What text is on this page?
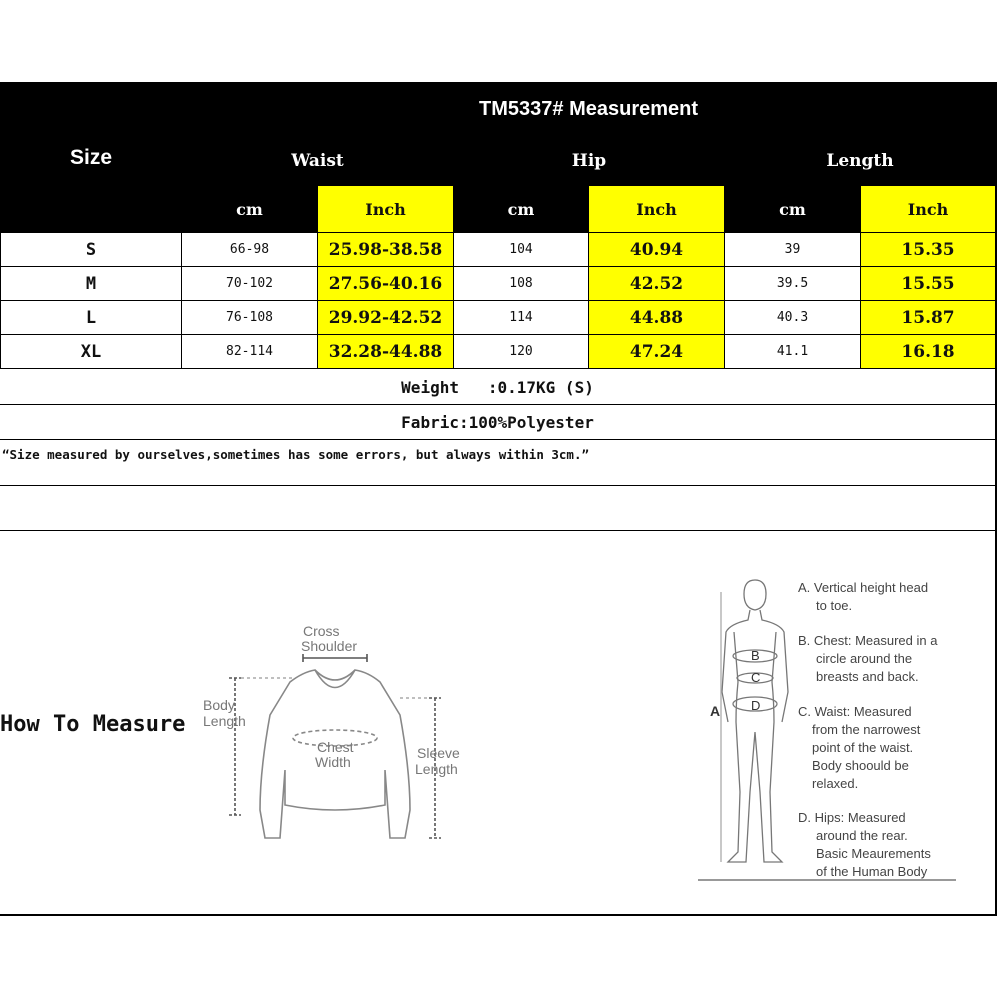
Size	TM5337# Measurement					
	Waist		Hip		Length	
	cm	Inch	cm	Inch	cm	Inch
S	66-98	25.98-38.58	104	40.94	39	15.35
M	70-102	27.56-40.16	108	42.52	39.5	15.55
L	76-108	29.92-42.52	114	44.88	40.3	15.87
XL	82-114	32.28-44.88	120	47.24	41.1	16.18
Weight   :0.17KG (S)
Fabric:100%Polyester
“Size measured by ourselves,sometimes has some errors, but always within 3cm.”
How To Measure
Cross
Shoulder
Body
Length
Chest
Width
Sleeve
Length
A
B
C
D
A. Vertical height head
to toe.
B. Chest: Measured in a
circle around the
breasts and back.
C. Waist: Measured
from the narrowest
point of the waist.
Body shoould be
relaxed.
D. Hips: Measured
around the rear.
Basic Meaurements
of the Human Body
